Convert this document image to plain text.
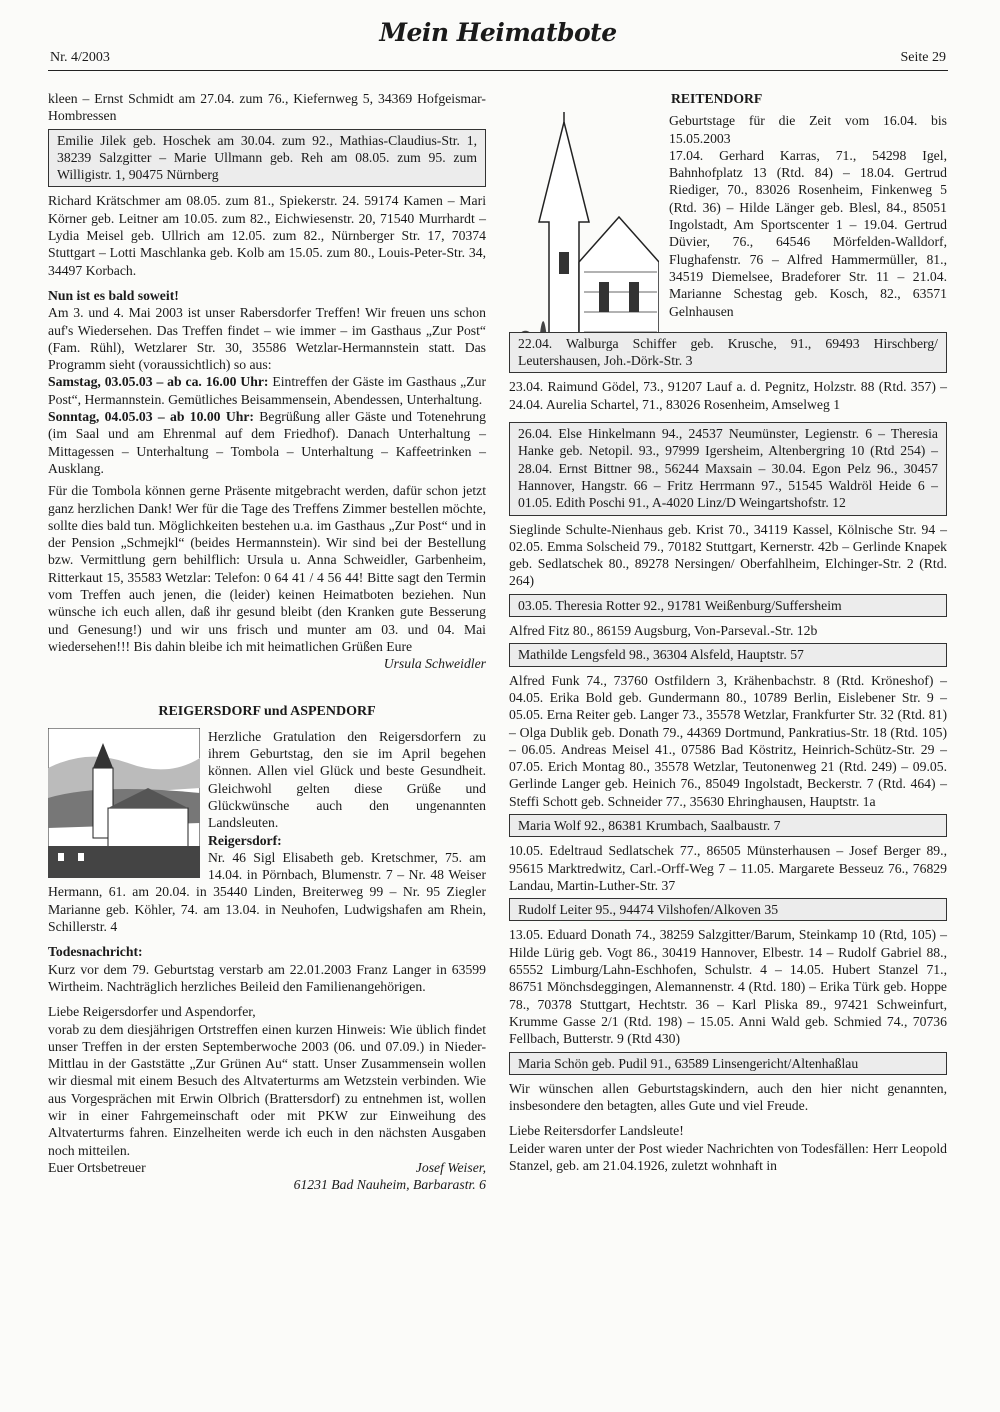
Nr. 4/2003
Mein Heimatbote
Seite 29

kleen – Ernst Schmidt am 27.04. zum 76., Kiefernweg 5, 34369 Hofgeismar-Hombressen

Emilie Jilek geb. Hoschek am 30.04. zum 92., Mathias-Claudius-Str. 1, 38239 Salzgitter – Marie Ullmann geb. Reh am 08.05. zum 95. zum Willigistr. 1, 90475 Nürnberg

Richard Krätschmer am 08.05. zum 81., Spiekerstr. 24. 59174 Kamen – Mari Körner geb. Leitner am 10.05. zum 82., Eichwiesenstr. 20, 71540 Murrhardt – Lydia Meisel geb. Ullrich am 12.05. zum 82., Nürnberger Str. 17, 70374 Stuttgart – Lotti Maschlanka geb. Kolb am 15.05. zum 80., Louis-Peter-Str. 34, 34497 Korbach.

Nun ist es bald soweit!

Am 3. und 4. Mai 2003 ist unser Rabersdorfer Treffen! Wir freuen uns schon auf's Wiedersehen. Das Treffen findet – wie immer – im Gasthaus „Zur Post“ (Fam. Rühl), Wetzlarer Str. 30, 35586 Wetzlar-Hermannstein statt. Das Programm sieht (voraussichtlich) so aus:

Samstag, 03.05.03 – ab ca. 16.00 Uhr: Eintreffen der Gäste im Gasthaus „Zur Post“, Hermannstein. Gemütliches Beisammensein, Abendessen, Unterhaltung.

Sonntag, 04.05.03 – ab 10.00 Uhr: Begrüßung aller Gäste und Totenehrung (im Saal und am Ehrenmal auf dem Friedhof). Danach Unterhaltung – Mittagessen – Unterhaltung – Tombola – Unterhaltung – Kaffeetrinken – Ausklang.

Für die Tombola können gerne Präsente mitgebracht werden, dafür schon jetzt ganz herzlichen Dank! Wer für die Tage des Treffens Zimmer bestellen möchte, sollte dies bald tun. Möglichkeiten bestehen u.a. im Gasthaus „Zur Post“ und in der Pension „Schmejkl“ (beides Hermannstein). Wir sind bei der Bestellung bzw. Vermittlung gern behilflich: Ursula u. Anna Schweidler, Garbenheim, Ritterkaut 15, 35583 Wetzlar: Telefon: 0 64 41 / 4 56 44! Bitte sagt den Termin vom Treffen auch jenen, die (leider) keinen Heimatboten beziehen. Nun wünsche ich euch allen, daß ihr gesund bleibt (den Kranken gute Besserung und Genesung!) und wir uns frisch und munter am 03. und 04. Mai wiedersehen!!! Bis dahin bleibe ich mit heimatlichen Grüßen Eure

Ursula Schweidler

REIGERSDORF und ASPENDORF

Herzliche Gratulation den Reigersdorfern zu ihrem Geburtstag, den sie im April begehen können. Allen viel Glück und beste Gesundheit. Gleichwohl gelten diese Grüße und Glückwünsche auch den ungenannten Landsleuten.

Reigersdorf:

Nr. 46 Sigl Elisabeth geb. Kretschmer, 75. am 14.04. in Pörnbach, Blumenstr. 7 – Nr. 48 Weiser Hermann, 61. am 20.04. in 35440 Linden, Breiterweg 99 – Nr. 95 Ziegler Marianne geb. Köhler, 74. am 13.04. in Neuhofen, Ludwigshafen am Rhein, Schillerstr. 4

Todesnachricht:

Kurz vor dem 79. Geburtstag verstarb am 22.01.2003 Franz Langer in 63599 Wirtheim. Nachträglich herzliches Beileid den Familienangehörigen.

Liebe Reigersdorfer und Aspendorfer,

vorab zu dem diesjährigen Ortstreffen einen kurzen Hinweis: Wie üblich findet unser Treffen in der ersten Septemberwoche 2003 (06. und 07.09.) in Nieder-Mittlau in der Gaststätte „Zur Grünen Au“ statt. Unser Zusammensein wollen wir diesmal mit einem Besuch des Altvaterturms am Wetzstein verbinden. Wie aus Vorgesprächen mit Erwin Olbrich (Brattersdorf) zu entnehmen ist, wollen wir in einer Fahrgemeinschaft oder mit PKW zur Einweihung des Altvaterturms fahren. Einzelheiten werde ich euch in den nächsten Ausgaben noch mitteilen.

Euer Ortsbetreuer	Josef Weiser,

61231 Bad Nauheim, Barbarastr. 6

REITENDORF

Geburtstage für die Zeit vom 16.04. bis 15.05.2003

17.04. Gerhard Karras, 71., 54298 Igel, Bahnhofplatz 13 (Rtd. 84) – 18.04. Gertrud Riediger, 70., 83026 Rosenheim, Finkenweg 5 (Rtd. 36) – Hilde Länger geb. Blesl, 84., 85051 Ingolstadt, Am Sportscenter 1 – 19.04. Gertrud Düvier, 76., 64546 Mörfelden-Walldorf, Flughafenstr. 76 – Alfred Hammermüller, 81., 34519 Diemelsee, Bradeforer Str. 11 – 21.04. Marianne Schestag geb. Kosch, 82., 63571 Gelnhausen

22.04. Walburga Schiffer geb. Krusche, 91., 69493 Hirschberg/ Leutershausen, Joh.-Dörk-Str. 3

23.04. Raimund Gödel, 73., 91207 Lauf a. d. Pegnitz, Holzstr. 88 (Rtd. 357) – 24.04. Aurelia Schartel, 71., 83026 Rosenheim, Amselweg 1

26.04. Else Hinkelmann 94., 24537 Neumünster, Legienstr. 6 – Theresia Hanke geb. Netopil. 93., 97999 Igersheim, Altenbergring 10 (Rtd 254) – 28.04. Ernst Bittner 98., 56244 Maxsain – 30.04. Egon Pelz 96., 30457 Hannover, Hangstr. 66 – Fritz Herrmann 97., 51545 Waldröl Heide 6 – 01.05. Edith Poschi 91., A-4020 Linz/D Weingartshofstr. 12

Sieglinde Schulte-Nienhaus geb. Krist 70., 34119 Kassel, Kölnische Str. 94 – 02.05. Emma Solscheid 79., 70182 Stuttgart, Kernerstr. 42b – Gerlinde Knapek geb. Sedlatschek 80., 89278 Nersingen/ Oberfahlheim, Elchinger-Str. 2 (Rtd. 264)

03.05. Theresia Rotter 92., 91781 Weißenburg/Suffersheim

Alfred Fitz 80., 86159 Augsburg, Von-Parseval.-Str. 12b

Mathilde Lengsfeld 98., 36304 Alsfeld, Hauptstr. 57

Alfred Funk 74., 73760 Ostfildern 3, Krähenbachstr. 8 (Rtd. Kröneshof) – 04.05. Erika Bold geb. Gundermann 80., 10789 Berlin, Eislebener Str. 9 – 05.05. Erna Reiter geb. Langer 73., 35578 Wetzlar, Frankfurter Str. 32 (Rtd. 81) – Olga Dublik geb. Donath 79., 44369 Dortmund, Pankratius-Str. 18 (Rtd. 105) – 06.05. Andreas Meisel 41., 07586 Bad Köstritz, Heinrich-Schütz-Str. 29 – 07.05. Erich Montag 80., 35578 Wetzlar, Teutonenweg 21 (Rtd. 249) – 09.05. Gerlinde Langer geb. Heinich 76., 85049 Ingolstadt, Beckerstr. 7 (Rtd. 464) – Steffi Schott geb. Schneider 77., 35630 Ehringhausen, Hauptstr. 1a

Maria Wolf 92., 86381 Krumbach, Saalbaustr. 7

10.05. Edeltraud Sedlatschek 77., 86505 Münsterhausen – Josef Berger 89., 95615 Marktredwitz, Carl.-Orff-Weg 7 – 11.05. Margarete Besseuz 76., 76829 Landau, Martin-Luther-Str. 37

Rudolf Leiter 95., 94474 Vilshofen/Alkoven 35

13.05. Eduard Donath 74., 38259 Salzgitter/Barum, Steinkamp 10 (Rtd, 105) – Hilde Lürig geb. Vogt 86., 30419 Hannover, Elbestr. 14 – Rudolf Gabriel 88., 65552 Limburg/Lahn-Eschhofen, Schulstr. 4 – 14.05. Hubert Stanzel 71., 86751 Mönchsdeggingen, Alemannenstr. 4 (Rtd. 180) – Erika Türk geb. Hoppe 78., 70378 Stuttgart, Hechtstr. 36 – Karl Pliska 89., 97421 Schweinfurt, Krumme Gasse 2/1 (Rtd. 198) – 15.05. Anni Wald geb. Schmied 74., 70736 Fellbach, Butterstr. 9 (Rtd 430)

Maria Schön geb. Pudil 91., 63589 Linsengericht/Altenhaßlau

Wir wünschen allen Geburtstagskindern, auch den hier nicht genannten, insbesondere den betagten, alles Gute und viel Freude.

Liebe Reitersdorfer Landsleute!

Leider waren unter der Post wieder Nachrichten von Todesfällen: Herr Leopold Stanzel, geb. am 21.04.1926, zuletzt wohnhaft in
